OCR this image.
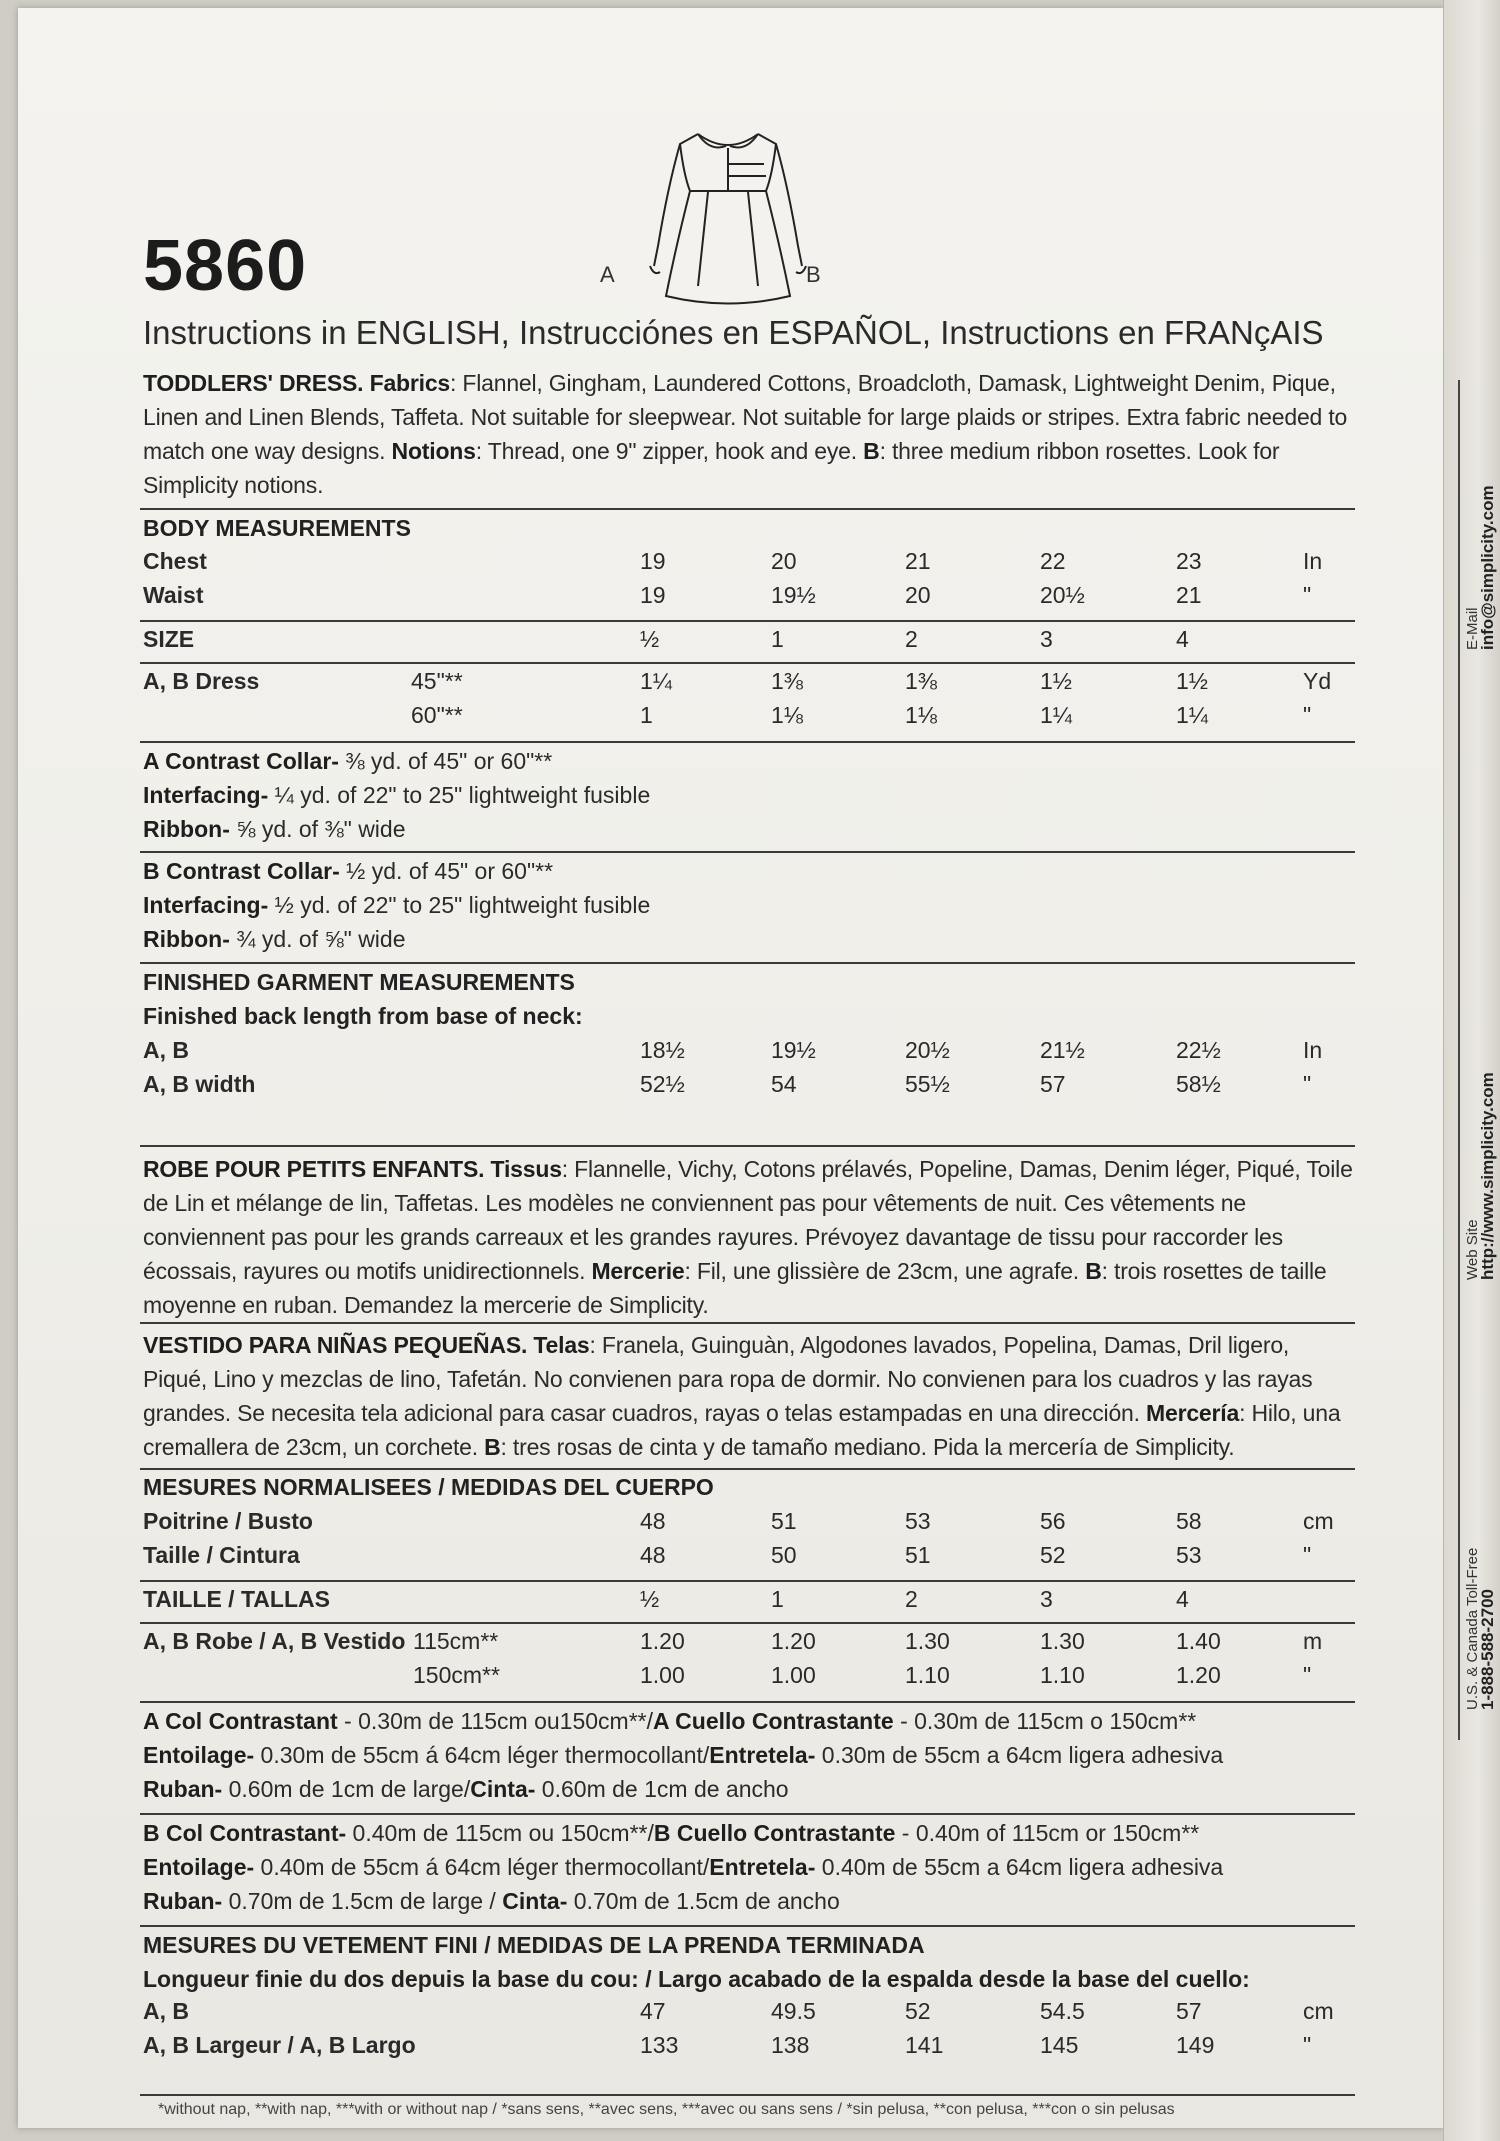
A	B
5860
Instructions in ENGLISH, Instrucciónes en ESPAÑOL, Instructions en FRANçAIS
TODDLERS' DRESS. Fabrics: Flannel, Gingham, Laundered Cottons, Broadcloth, Damask, Lightweight Denim, Pique, Linen and Linen Blends, Taffeta. Not suitable for sleepwear. Not suitable for large plaids or stripes. Extra fabric needed to match one way designs. Notions: Thread, one 9" zipper, hook and eye. B: three medium ribbon rosettes. Look for Simplicity notions.
BODY MEASUREMENTS
Chest	19	20	21	22	23	In
Waist	19	19½	20	20½	21	"
SIZE	½	1	2	3	4
A, B Dress	45"**	1¼	1⅜	1⅜	1½	1½	Yd
60"**	1	1⅛	1⅛	1¼	1¼	"
A Contrast Collar- ⅜ yd. of 45" or 60"**
Interfacing- ¼ yd. of 22" to 25" lightweight fusible
Ribbon- ⅝ yd. of ⅜" wide
B Contrast Collar- ½ yd. of 45" or 60"**
Interfacing- ½ yd. of 22" to 25" lightweight fusible
Ribbon- ¾ yd. of ⅝" wide
FINISHED GARMENT MEASUREMENTS
Finished back length from base of neck:
A, B	18½	19½	20½	21½	22½	In
A, B width	52½	54	55½	57	58½	"
ROBE POUR PETITS ENFANTS. Tissus: Flannelle, Vichy, Cotons prélavés, Popeline, Damas, Denim léger, Piqué, Toile de Lin et mélange de lin, Taffetas. Les modèles ne conviennent pas pour vêtements de nuit. Ces vêtements ne conviennent pas pour les grands carreaux et les grandes rayures. Prévoyez davantage de tissu pour raccorder les écossais, rayures ou motifs unidirectionnels. Mercerie: Fil, une glissière de 23cm, une agrafe. B: trois rosettes de taille moyenne en ruban. Demandez la mercerie de Simplicity.
VESTIDO PARA NIÑAS PEQUEÑAS. Telas: Franela, Guinguàn, Algodones lavados, Popelina, Damas, Dril ligero, Piqué, Lino y mezclas de lino, Tafetán. No convienen para ropa de dormir. No convienen para los cuadros y las rayas grandes. Se necesita tela adicional para casar cuadros, rayas o telas estampadas en una dirección. Mercería: Hilo, una cremallera de 23cm, un corchete. B: tres rosas de cinta y de tamaño mediano. Pida la mercería de Simplicity.
MESURES NORMALISEES / MEDIDAS DEL CUERPO
Poitrine / Busto	48	51	53	56	58	cm
Taille / Cintura	48	50	51	52	53	"
TAILLE / TALLAS	½	1	2	3	4
A, B Robe / A, B Vestido 115cm**	1.20	1.20	1.30	1.30	1.40	m
150cm**	1.00	1.00	1.10	1.10	1.20	"
A Col Contrastant - 0.30m de 115cm ou150cm**/A Cuello Contrastante - 0.30m de 115cm o 150cm**
Entoilage- 0.30m de 55cm á 64cm léger thermocollant/Entretela- 0.30m de 55cm a 64cm ligera adhesiva
Ruban- 0.60m de 1cm de large/Cinta- 0.60m de 1cm de ancho
B Col Contrastant- 0.40m de 115cm ou 150cm**/B Cuello Contrastante - 0.40m of 115cm or 150cm**
Entoilage- 0.40m de 55cm á 64cm léger thermocollant/Entretela- 0.40m de 55cm a 64cm ligera adhesiva
Ruban- 0.70m de 1.5cm de large / Cinta- 0.70m de 1.5cm de ancho
MESURES DU VETEMENT FINI / MEDIDAS DE LA PRENDA TERMINADA
Longueur finie du dos depuis la base du cou: / Largo acabado de la espalda desde la base del cuello:
A, B	47	49.5	52	54.5	57	cm
A, B Largeur / A, B Largo	133	138	141	145	149	"
*without nap, **with nap, ***with or without nap / *sans sens, **avec sens, ***avec ou sans sens / *sin pelusa, **con pelusa, ***con o sin pelusas
U.S. & Canada Toll-Free
1-888-588-2700
Web Site
http://www.simplicity.com
E-Mail
info@simplicity.com
